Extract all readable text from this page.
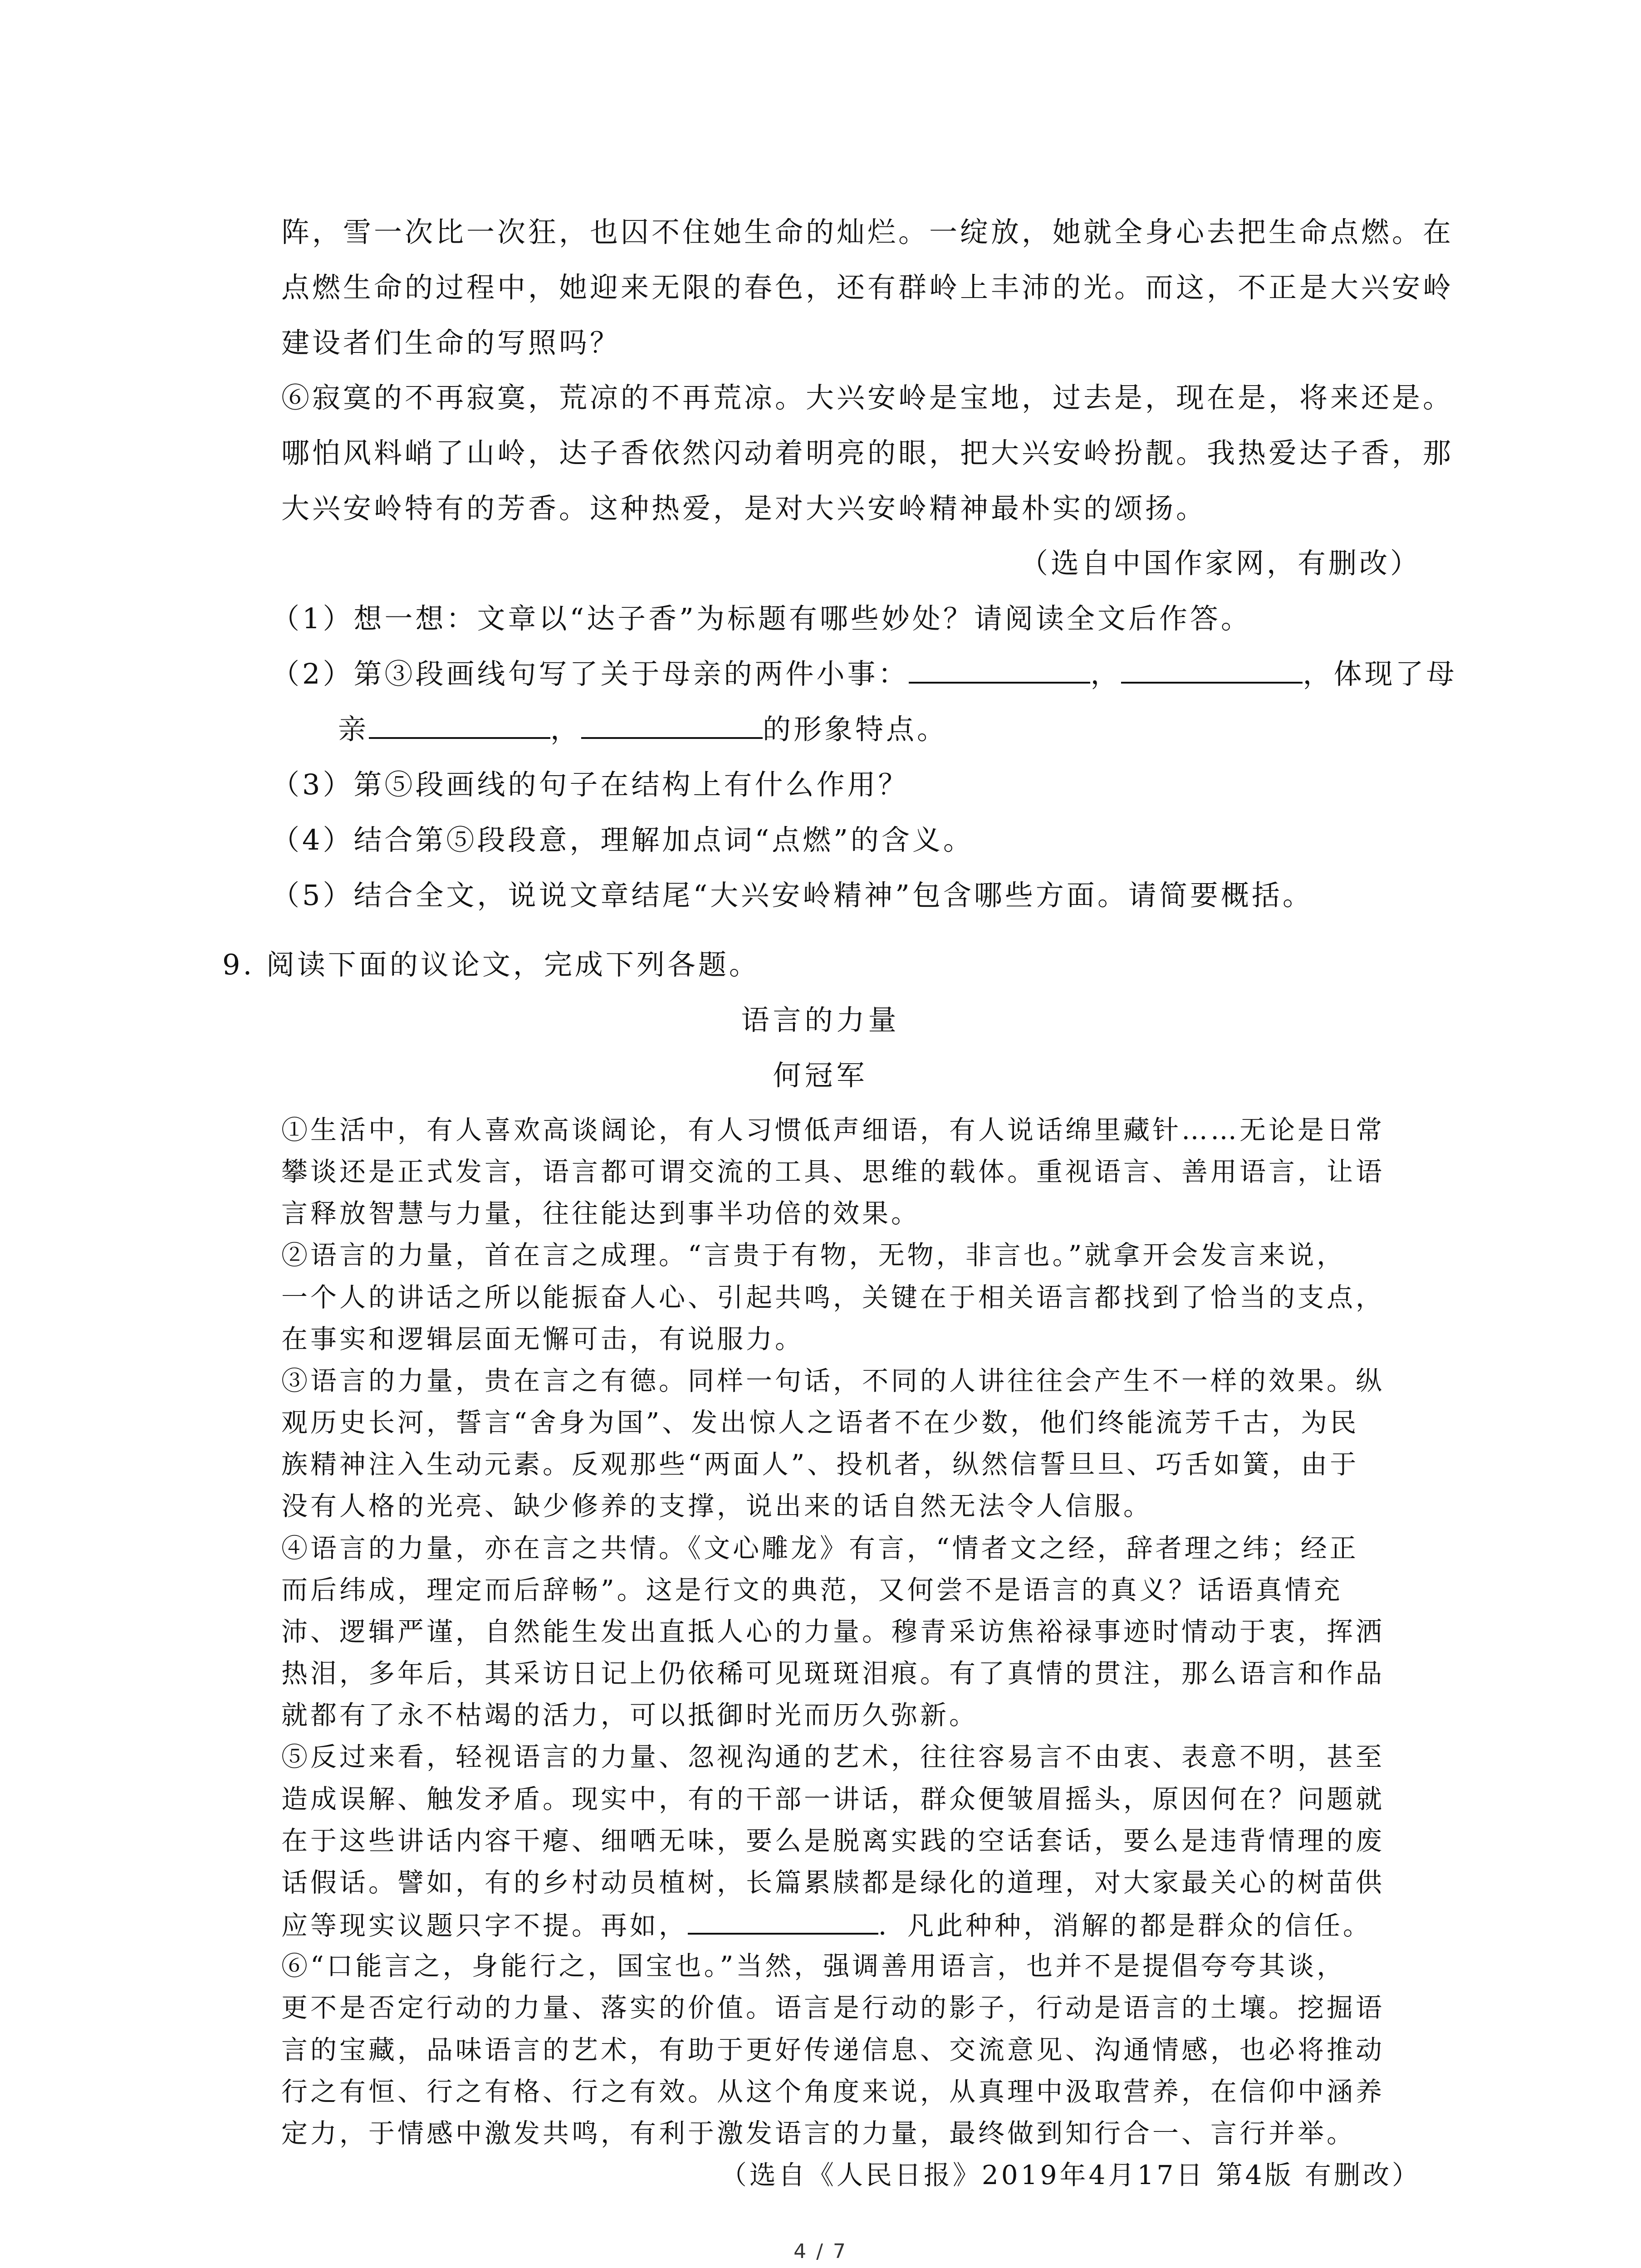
阵，雪一次比一次狂，也囚不住她生命的灿烂。一绽放，她就全身心去把生命点燃。在
点燃生命的过程中，她迎来无限的春色，还有群岭上丰沛的光。而这，不正是大兴安岭
建设者们生命的写照吗？
⑥寂寞的不再寂寞，荒凉的不再荒凉。大兴安岭是宝地，过去是，现在是，将来还是。
哪怕风料峭了山岭，达子香依然闪动着明亮的眼，把大兴安岭扮靓。我热爱达子香，那
大兴安岭特有的芳香。这种热爱，是对大兴安岭精神最朴实的颂扬。
（选自中国作家网，有删改）
（1）想一想：文章以“达子香”为标题有哪些妙处？请阅读全文后作答。
（2）第③段画线句写了关于母亲的两件小事：	，	，体现了母
亲	，	的形象特点。
（3）第⑤段画线的句子在结构上有什么作用？
（4）结合第⑤段段意，理解加点词“点燃”的含义。
（5）结合全文，说说文章结尾“大兴安岭精神”包含哪些方面。请简要概括。
9. 阅读下面的议论文，完成下列各题。
语言的力量
何冠军
①生活中，有人喜欢高谈阔论，有人习惯低声细语，有人说话绵里藏针……无论是日常
攀谈还是正式发言，语言都可谓交流的工具、思维的载体。重视语言、善用语言，让语
言释放智慧与力量，往往能达到事半功倍的效果。
②语言的力量，首在言之成理。“言贵于有物，无物，非言也。”就拿开会发言来说，
一个人的讲话之所以能振奋人心、引起共鸣，关键在于相关语言都找到了恰当的支点，
在事实和逻辑层面无懈可击，有说服力。
③语言的力量，贵在言之有德。同样一句话，不同的人讲往往会产生不一样的效果。纵
观历史长河，誓言“舍身为国”、发出惊人之语者不在少数，他们终能流芳千古，为民
族精神注入生动元素。反观那些“两面人”、投机者，纵然信誓旦旦、巧舌如簧，由于
没有人格的光亮、缺少修养的支撑，说出来的话自然无法令人信服。
④语言的力量，亦在言之共情。《文心雕龙》有言，“情者文之经，辞者理之纬；经正
而后纬成，理定而后辞畅”。这是行文的典范，又何尝不是语言的真义？话语真情充
沛、逻辑严谨，自然能生发出直抵人心的力量。穆青采访焦裕禄事迹时情动于衷，挥洒
热泪，多年后，其采访日记上仍依稀可见斑斑泪痕。有了真情的贯注，那么语言和作品
就都有了永不枯竭的活力，可以抵御时光而历久弥新。
⑤反过来看，轻视语言的力量、忽视沟通的艺术，往往容易言不由衷、表意不明，甚至
造成误解、触发矛盾。现实中，有的干部一讲话，群众便皱眉摇头，原因何在？问题就
在于这些讲话内容干瘪、细哂无味，要么是脱离实践的空话套话，要么是违背情理的废
话假话。譬如，有的乡村动员植树，长篇累牍都是绿化的道理，对大家最关心的树苗供
应等现实议题只字不提。再如，	．凡此种种，消解的都是群众的信任。
4 / 7
⑥“口能言之，身能行之，国宝也。”当然，强调善用语言，也并不是提倡夸夸其谈，
更不是否定行动的力量、落实的价值。语言是行动的影子，行动是语言的土壤。挖掘语
言的宝藏，品味语言的艺术，有助于更好传递信息、交流意见、沟通情感，也必将推动
行之有恒、行之有格、行之有效。从这个角度来说，从真理中汲取营养，在信仰中涵养
定力，于情感中激发共鸣，有利于激发语言的力量，最终做到知行合一、言行并举。
（选自《人民日报》2019年4月17日 第4版 有删改）
